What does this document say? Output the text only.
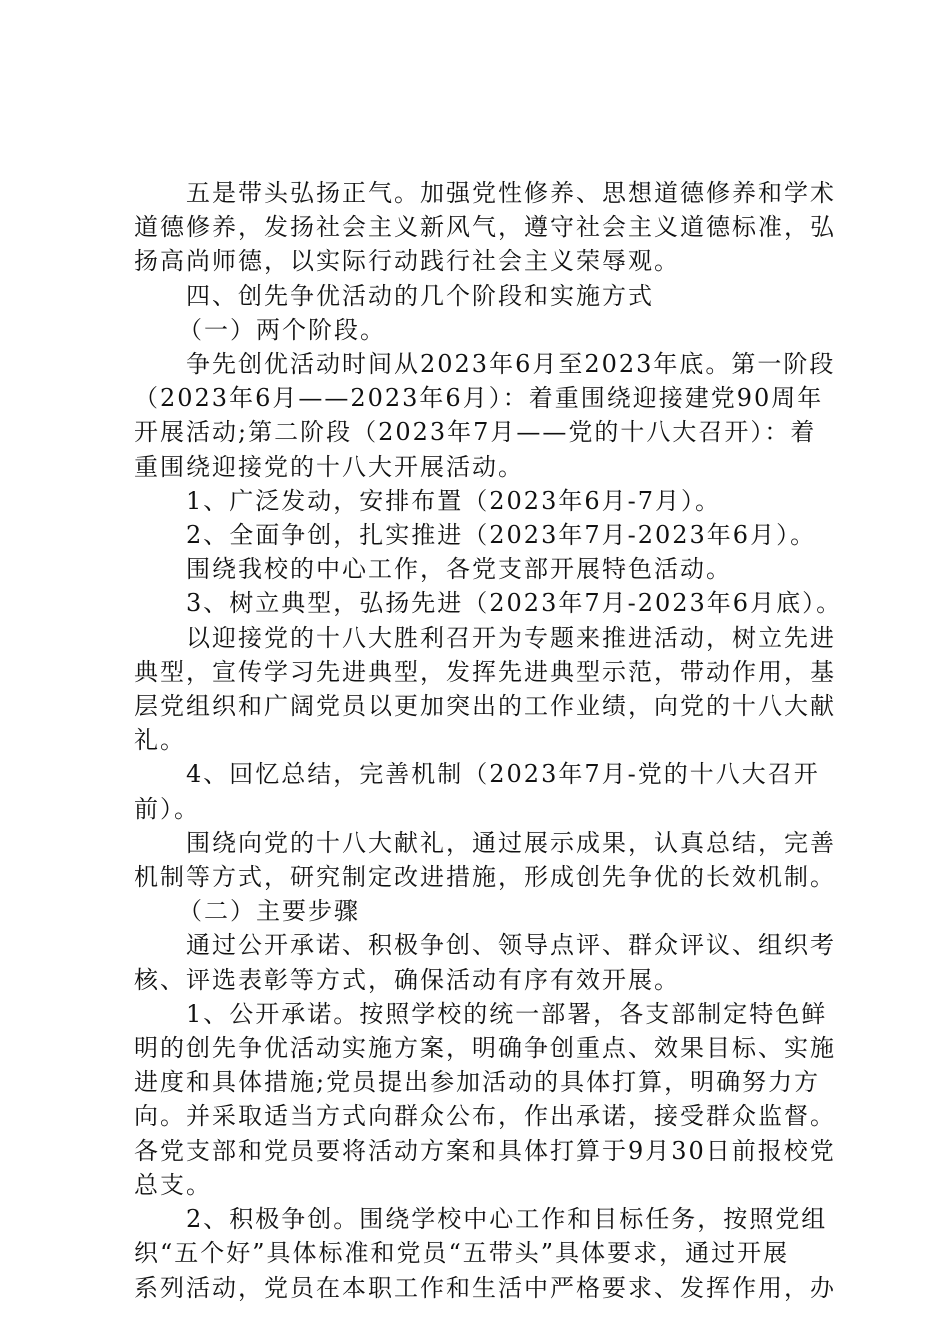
五是带头弘扬正气。加强党性修养、思想道德修养和学术

道德修养，发扬社会主义新风气，遵守社会主义道德标准，弘

扬高尚师德，以实际行动践行社会主义荣辱观。

四、创先争优活动的几个阶段和实施方式

（一）两个阶段。

争先创优活动时间从2023年6月至2023年底。第一阶段

（2023年6月——2023年6月）：着重围绕迎接建党90周年

开展活动;第二阶段（2023年7月——党的十八大召开）：着

重围绕迎接党的十八大开展活动。

1、广泛发动，安排布置（2023年6月-7月）。

2、全面争创，扎实推进（2023年7月-2023年6月）。

围绕我校的中心工作，各党支部开展特色活动。

3、树立典型，弘扬先进（2023年7月-2023年6月底）。

以迎接党的十八大胜利召开为专题来推进活动，树立先进

典型，宣传学习先进典型，发挥先进典型示范，带动作用，基

层党组织和广阔党员以更加突出的工作业绩，向党的十八大献

礼。

4、回忆总结，完善机制（2023年7月-党的十八大召开

前）。

围绕向党的十八大献礼，通过展示成果，认真总结，完善

机制等方式，研究制定改进措施，形成创先争优的长效机制。

（二）主要步骤

通过公开承诺、积极争创、领导点评、群众评议、组织考

核、评选表彰等方式，确保活动有序有效开展。

1、公开承诺。按照学校的统一部署，各支部制定特色鲜

明的创先争优活动实施方案，明确争创重点、效果目标、实施

进度和具体措施;党员提出参加活动的具体打算，明确努力方

向。并采取适当方式向群众公布，作出承诺，接受群众监督。

各党支部和党员要将活动方案和具体打算于9月30日前报校党

总支。

2、积极争创。围绕学校中心工作和目标任务，按照党组

织“五个好”具体标准和党员“五带头”具体要求，通过开展

系列活动，党员在本职工作和生活中严格要求、发挥作用，办
